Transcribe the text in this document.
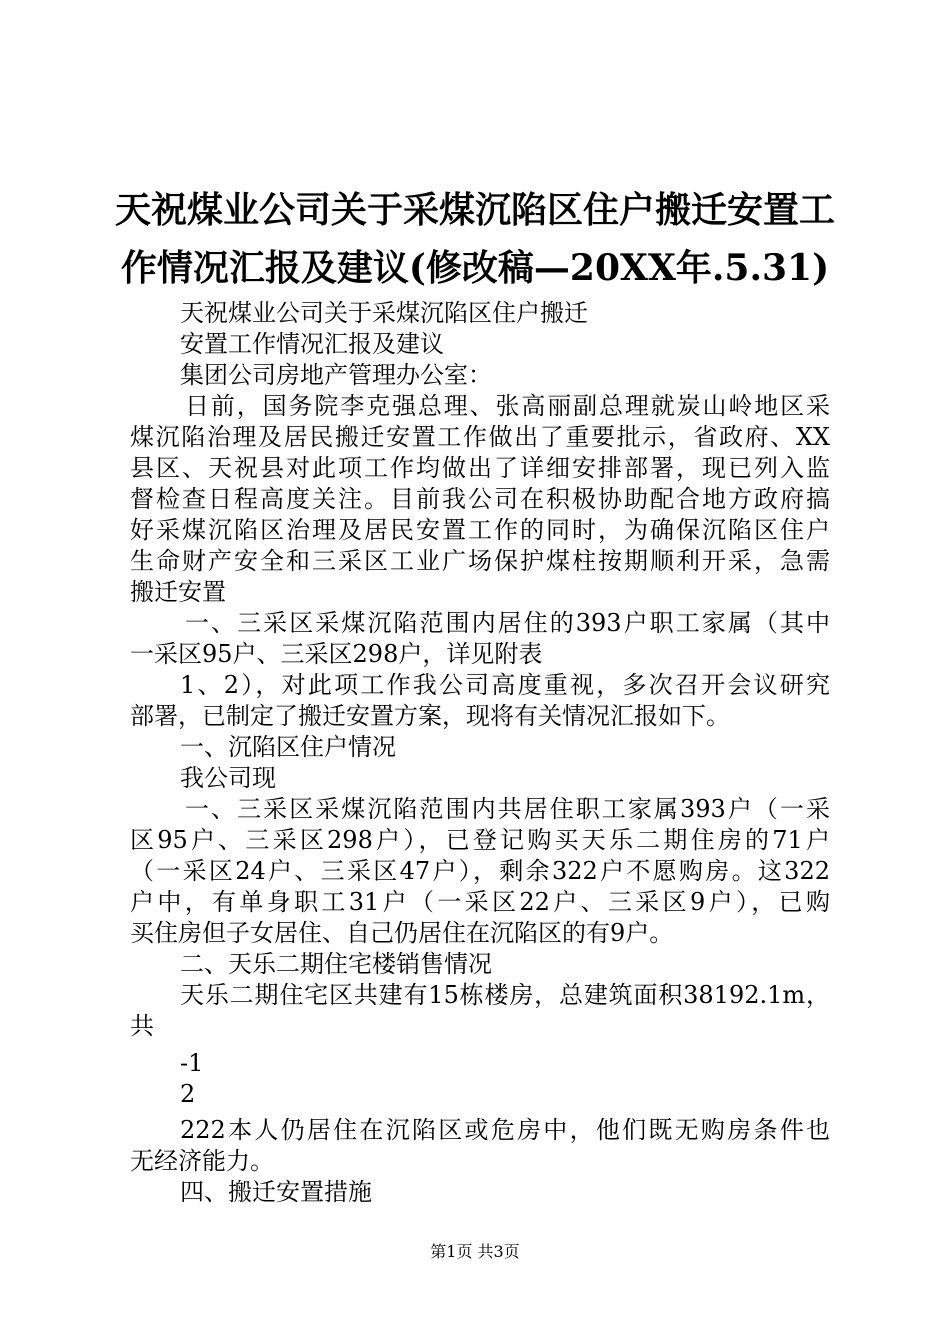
天祝煤业公司关于采煤沉陷区住户搬迁安置工
作情况汇报及建议(修改稿—20XX年.5.31)
天祝煤业公司关于采煤沉陷区住户搬迁
安置工作情况汇报及建议
集团公司房地产管理办公室：
日前，国务院李克强总理、张高丽副总理就炭山岭地区采
煤沉陷治理及居民搬迁安置工作做出了重要批示，省政府、XX
县区、天祝县对此项工作均做出了详细安排部署，现已列入监
督检查日程高度关注。目前我公司在积极协助配合地方政府搞
好采煤沉陷区治理及居民安置工作的同时，为确保沉陷区住户
生命财产安全和三采区工业广场保护煤柱按期顺利开采，急需
搬迁安置
一、三采区采煤沉陷范围内居住的393户职工家属（其中
一采区95户、三采区298户，详见附表
1、2），对此项工作我公司高度重视，多次召开会议研究
部署，已制定了搬迁安置方案，现将有关情况汇报如下。
一、沉陷区住户情况
我公司现
一、三采区采煤沉陷范围内共居住职工家属393户（一采
区95户、三采区298户），已登记购买天乐二期住房的71户
（一采区24户、三采区47户），剩余322户不愿购房。这322
户中，有单身职工31户（一采区22户、三采区9户），已购
买住房但子女居住、自己仍居住在沉陷区的有9户。
二、天乐二期住宅楼销售情况
天乐二期住宅区共建有15栋楼房，总建筑面积38192.1m，
共
-1
2
222本人仍居住在沉陷区或危房中，他们既无购房条件也
无经济能力。
四、搬迁安置措施
第1页 共3页
